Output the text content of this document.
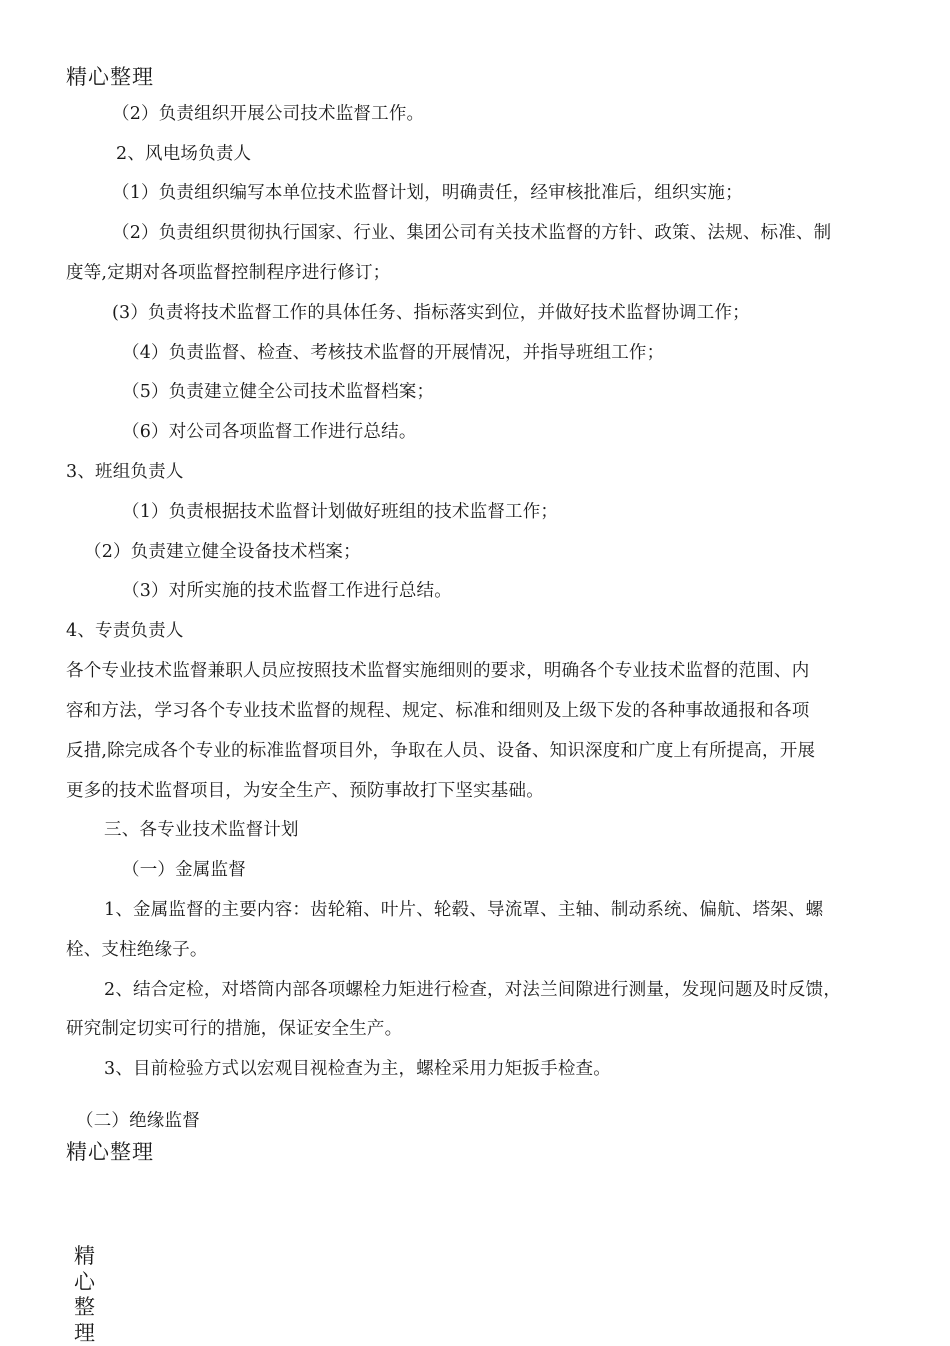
精心整理
（2）负责组织开展公司技术监督工作。
2、风电场负责人
（1）负责组织编写本单位技术监督计划，明确责任，经审核批准后，组织实施；
（2）负责组织贯彻执行国家、行业、集团公司有关技术监督的方针、政策、法规、标准、制
度等,定期对各项监督控制程序进行修订；
(3）负责将技术监督工作的具体任务、指标落实到位，并做好技术监督协调工作；
（4）负责监督、检查、考核技术监督的开展情况，并指导班组工作；
（5）负责建立健全公司技术监督档案；
（6）对公司各项监督工作进行总结。
3、班组负责人
（1）负责根据技术监督计划做好班组的技术监督工作；
（2）负责建立健全设备技术档案；
（3）对所实施的技术监督工作进行总结。
4、专责负责人
各个专业技术监督兼职人员应按照技术监督实施细则的要求，明确各个专业技术监督的范围、内
容和方法，学习各个专业技术监督的规程、规定、标准和细则及上级下发的各种事故通报和各项
反措,除完成各个专业的标准监督项目外，争取在人员、设备、知识深度和广度上有所提高，开展
更多的技术监督项目，为安全生产、预防事故打下坚实基础。
三、各专业技术监督计划
（一）金属监督
1、金属监督的主要内容：齿轮箱、叶片、轮毂、导流罩、主轴、制动系统、偏航、塔架、螺
栓、支柱绝缘子。
2、结合定检，对塔筒内部各项螺栓力矩进行检查，对法兰间隙进行测量，发现问题及时反馈，
研究制定切实可行的措施，保证安全生产。
3、目前检验方式以宏观目视检查为主，螺栓采用力矩扳手检查。
（二）绝缘监督
精心整理
精心整理
